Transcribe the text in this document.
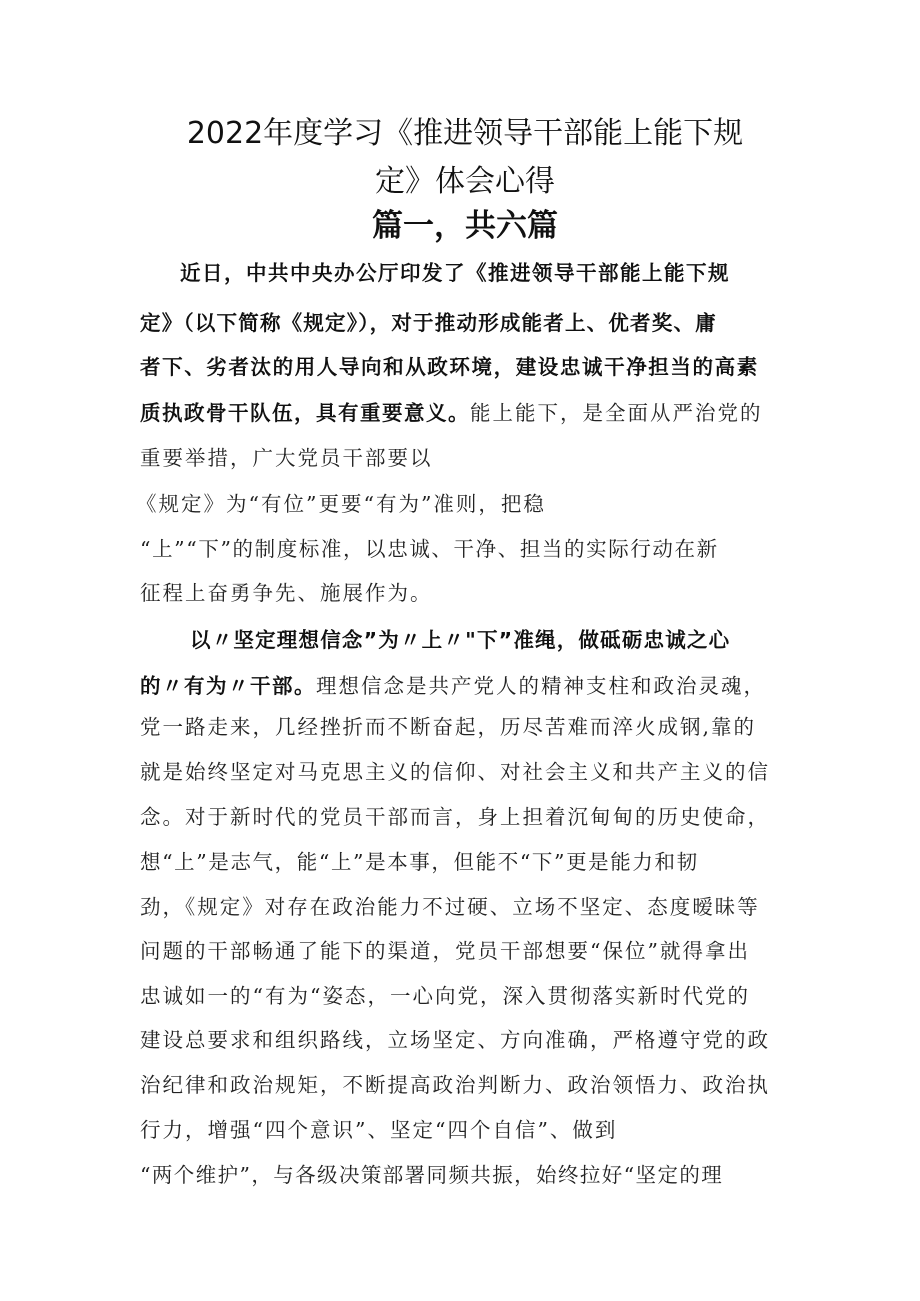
2022年度学习《推进领导干部能上能下规
定》体会心得
篇一，共六篇
近日，中共中央办公厅印发了《推进领导干部能上能下规
定》（以下简称《规定》），对于推动形成能者上、优者奖、庸
者下、劣者汰的用人导向和从政环境，建设忠诚干净担当的高素
质执政骨干队伍，具有重要意义。能上能下，是全面从严治党的
重要举措，广大党员干部要以
《规定》为“有位”更要“有为”准则，把稳
“上”“下”的制度标准，以忠诚、干净、担当的实际行动在新
征程上奋勇争先、施展作为。
以〃坚定理想信念”为〃上〃"下”准绳，做砥砺忠诚之心
的〃有为〃干部。理想信念是共产党人的精神支柱和政治灵魂，
党一路走来，几经挫折而不断奋起，历尽苦难而淬火成钢,靠的
就是始终坚定对马克思主义的信仰、对社会主义和共产主义的信
念。对于新时代的党员干部而言，身上担着沉甸甸的历史使命，
想“上”是志气，能“上”是本事，但能不“下”更是能力和韧
劲，《规定》对存在政治能力不过硬、立场不坚定、态度暧昧等
问题的干部畅通了能下的渠道，党员干部想要“保位”就得拿出
忠诚如一的“有为“姿态，一心向党，深入贯彻落实新时代党的
建设总要求和组织路线，立场坚定、方向准确，严格遵守党的政
治纪律和政治规矩，不断提高政治判断力、政治领悟力、政治执
行力，增强“四个意识”、坚定“四个自信”、做到
“两个维护”，与各级决策部署同频共振，始终拉好“坚定的理
